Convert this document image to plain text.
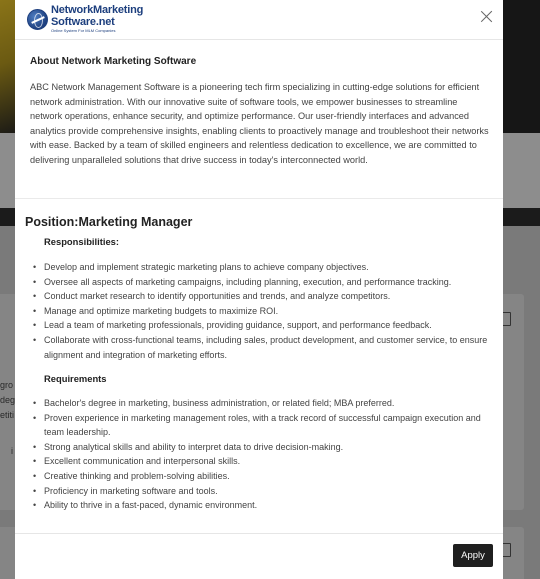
gro
deg
etiti
i
NetworkMarketing
Software.net
Online System For MLM Companies
About Network Marketing Software

ABC Network Management Software is a pioneering tech firm specializing in cutting-edge solutions for efficient network administration. With our innovative suite of software tools, we empower businesses to streamline network operations, enhance security, and optimize performance. Our user-friendly interfaces and advanced analytics provide comprehensive insights, enabling clients to proactively manage and troubleshoot their networks with ease. Backed by a team of skilled engineers and relentless dedication to excellence, we are committed to delivering unparalleled solutions that drive success in today's interconnected world.

Position:Marketing Manager
Responsibilities:
• Develop and implement strategic marketing plans to achieve company objectives.
• Oversee all aspects of marketing campaigns, including planning, execution, and performance tracking.
• Conduct market research to identify opportunities and trends, and analyze competitors.
• Manage and optimize marketing budgets to maximize ROI.
• Lead a team of marketing professionals, providing guidance, support, and performance feedback.
• Collaborate with cross-functional teams, including sales, product development, and customer service, to ensure alignment and integration of marketing efforts.
Requirements
• Bachelor's degree in marketing, business administration, or related field; MBA preferred.
• Proven experience in marketing management roles, with a track record of successful campaign execution and team leadership.
• Strong analytical skills and ability to interpret data to drive decision-making.
• Excellent communication and interpersonal skills.
• Creative thinking and problem-solving abilities.
• Proficiency in marketing software and tools.
• Ability to thrive in a fast-paced, dynamic environment.
Apply
